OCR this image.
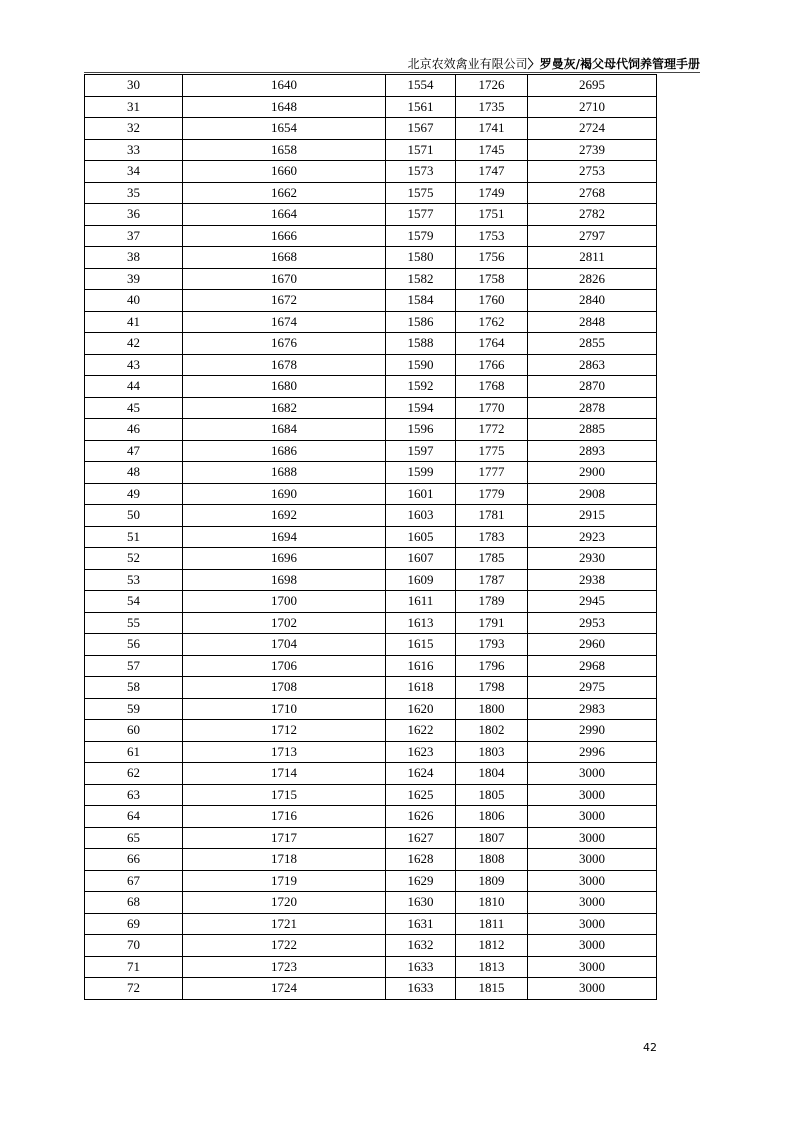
北京农效禽业有限公司〉罗曼灰/褐父母代饲养管理手册
30	1640	1554	1726	2695
31	1648	1561	1735	2710
32	1654	1567	1741	2724
33	1658	1571	1745	2739
34	1660	1573	1747	2753
35	1662	1575	1749	2768
36	1664	1577	1751	2782
37	1666	1579	1753	2797
38	1668	1580	1756	2811
39	1670	1582	1758	2826
40	1672	1584	1760	2840
41	1674	1586	1762	2848
42	1676	1588	1764	2855
43	1678	1590	1766	2863
44	1680	1592	1768	2870
45	1682	1594	1770	2878
46	1684	1596	1772	2885
47	1686	1597	1775	2893
48	1688	1599	1777	2900
49	1690	1601	1779	2908
50	1692	1603	1781	2915
51	1694	1605	1783	2923
52	1696	1607	1785	2930
53	1698	1609	1787	2938
54	1700	1611	1789	2945
55	1702	1613	1791	2953
56	1704	1615	1793	2960
57	1706	1616	1796	2968
58	1708	1618	1798	2975
59	1710	1620	1800	2983
60	1712	1622	1802	2990
61	1713	1623	1803	2996
62	1714	1624	1804	3000
63	1715	1625	1805	3000
64	1716	1626	1806	3000
65	1717	1627	1807	3000
66	1718	1628	1808	3000
67	1719	1629	1809	3000
68	1720	1630	1810	3000
69	1721	1631	1811	3000
70	1722	1632	1812	3000
71	1723	1633	1813	3000
72	1724	1633	1815	3000
42
